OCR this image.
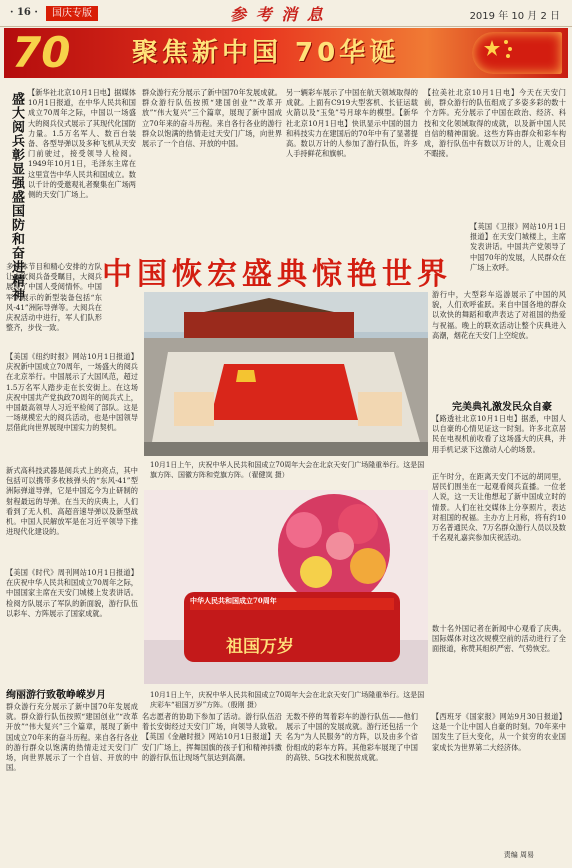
· 16 ·	国庆专版	参 考 消 息	2019 年 10 月 2 日
70 聚焦新中国 70华诞
盛大阅兵彰显强盛国防和奋进精神 【新华社北京10月1日电】据媒体10月1日报道，在中华人民共和国成立70周年之际，中国以一场盛大的阅兵仪式展示了其现代化国防力量。1.5万名军人、数百台装备、各型导弹以及多种飞机从天安门前驶过，接受领导人检阅。1949年10月1日，毛泽东主席在这里宣告中华人民共和国成立。数以千计的受邀观礼者聚集在广场两侧的天安门广场上。
多媒体节目和精心安排的方队让本次阅兵备受瞩目，大阅兵展现了中国人受阅情怀。中国军队展示的新型装备包括“东风-41”洲际导弹等。大阅兵在庆祝活动中进行，军人们队形整齐，步伐一致。
【美国《纽约时报》网站10月1日报道】庆祝新中国成立70周年，一场盛大的阅兵在北京举行。中国展示了大国风范，超过1.5万名军人踏步走在长安街上。在这场庆祝中国共产党执政70周年的阅兵式上，中国最高领导人习近平检阅了部队。这是一场规模宏大的阅兵活动，也是中国领导层借此向世界展现中国实力的契机。
新式高科技武器是阅兵式上的亮点，其中包括可以携带多枚核弹头的“东风-41”型洲际弹道导弹，它是中国迄今为止研制的射程最远的导弹。在当天的庆典上，人们看到了无人机、高超音速导弹以及新型战机。中国人民解放军是在习近平领导下推进现代化建设的。
【美国《时代》周刊网站10月1日报道】在庆祝中华人民共和国成立70周年之际，中国国家主席在天安门城楼上发表讲话。检阅方队展示了军队的新面貌，游行队伍以彩车、方阵展示了国家成就。
绚丽游行致敬峥嵘岁月
群众游行充分展示了新中国70年发展成就。群众游行队伍按照“建国创业”“改革开放”“伟大复兴”三个篇章，展现了新中国成立70年来的奋斗历程。来自各行各业的游行群众以饱满的热情走过天安门广场，向世界展示了一个自信、开放的中国。
群众游行充分展示了新中国70年发展成就。群众游行队伍按照“建国创业”“改革开放”“伟大复兴”三个篇章，展现了新中国成立70年来的奋斗历程。来自各行各业的游行群众以饱满的热情走过天安门广场，向世界展示了一个自信、开放的中国。
另一辆彩车展示了中国在航天领域取得的成就。上面有C919大型客机、长征运载火箭以及“玉兔”号月球车的模型。【新华社北京10月1日电】快讯显示中国的国力和科技实力在建国后的70年中有了显著提高。数以万计的人参加了游行队伍，许多人手持鲜花和旗帜。
【拉美社北京10月1日电】今天在天安门前，群众游行的队伍组成了多姿多彩的数十个方阵。充分展示了中国在政治、经济、科技和文化领域取得的成就，以及新中国人民自信的精神面貌。这些方阵由群众和彩车构成，游行队伍中有数以万计的人，让观众目不暇接。
【英国《卫报》网站10月1日报道】在天安门城楼上，主席发表讲话。中国共产党领导了中国70年的发展，人民群众在广场上欢呼。
中国恢宏盛典惊艳世界
10月1日上午，庆祝中华人民共和国成立70周年大会在北京天安门广场隆重举行。这是国旗方阵、国徽方阵和党旗方阵。（翟健岚 摄）
中华人民共和国成立70周年
祖国万岁
10月1日上午，庆祝中华人民共和国成立70周年大会在北京天安门广场隆重举行。这是国庆彩车“祖国万岁”方阵。（殷刚 摄）
名志愿者的协助下参加了活动。游行队伍沿着长安街经过天安门广场，向领导人致敬。【英国《金融时报》网站10月1日报道】天安门广场上，挥舞国旗的孩子们和精神抖擞的游行队伍让现场气氛达到高潮。
无数不停的驾着彩车的游行队伍——他们展示了中国的发展成就。游行还包括一个名为“为人民服务”的方阵，以及由多个省份组成的彩车方阵。其他彩车展现了中国的高铁、5G技术和脱贫成就。
游行中，大型彩车巡游展示了中国的风貌，人们欢呼雀跃。来自中国各地的群众以欢快的舞蹈和歌声表达了对祖国的热爱与祝福。晚上的联欢活动让整个庆典进入高潮，烟花在天安门上空绽放。
完美典礼激发民众自豪
【路透社北京10月1日电】据悉，中国人以自豪的心情见证这一时刻。许多北京居民在电视机前收看了这场盛大的庆典，并用手机记录下这激动人心的场景。
正午时分，在距离天安门不远的胡同里，居民们围坐在一起观看阅兵直播。一位老人说，这一天让他想起了新中国成立时的情景。人们在社交媒体上分享照片，表达对祖国的祝福。主办方上月称，将有约10万名普通民众、7万名群众游行人员以及数千名观礼嘉宾参加庆祝活动。
数十名外国记者在新闻中心观看了庆典。国际媒体对这次规模空前的活动进行了全面报道，称赞其组织严密、气势恢宏。
【西班牙《国家报》网站9月30日报道】这是一个让中国人自豪的时刻。70年来中国发生了巨大变化，从一个贫穷的农业国家成长为世界第二大经济体。
责编 周易
